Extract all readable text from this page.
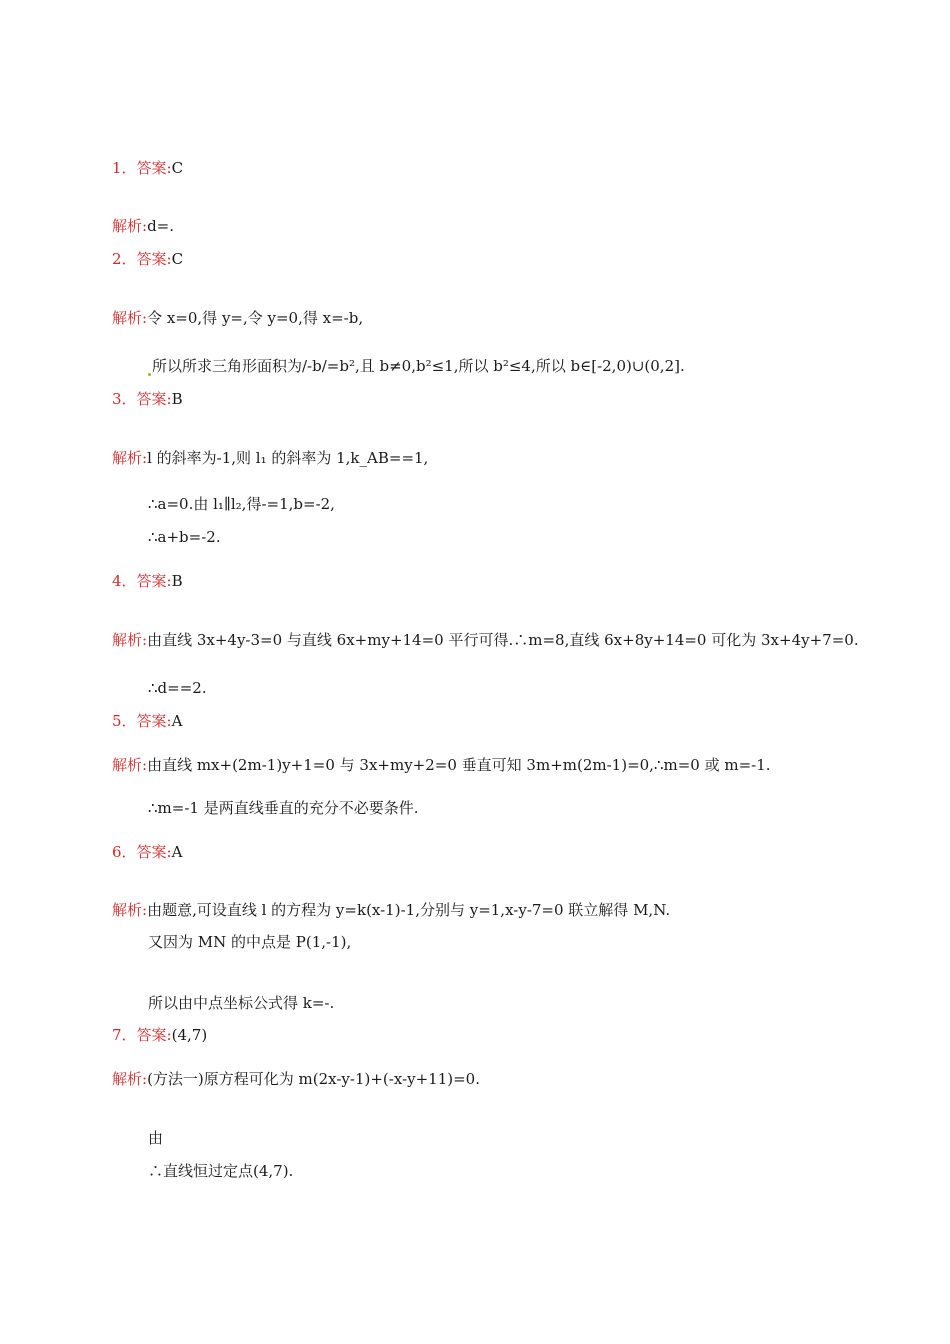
1．答案:C
解析:d=.
2．答案:C
解析:令 x=0,得 y=,令 y=0,得 x=-b,
所以所求三角形面积为/-b/=b²,且 b≠0,b²≤1,所以 b²≤4,所以 b∈[-2,0)∪(0,2].
3．答案:B
解析:l 的斜率为-1,则 l₁ 的斜率为 1,k_AB==1,
∴a=0.由 l₁∥l₂,得-=1,b=-2,
∴a+b=-2.
4．答案:B
解析:由直线 3x+4y-3=0 与直线 6x+my+14=0 平行可得.∴m=8,直线 6x+8y+14=0 可化为 3x+4y+7=0.
∴d==2.
5．答案:A
解析:由直线 mx+(2m-1)y+1=0 与 3x+my+2=0 垂直可知 3m+m(2m-1)=0,∴m=0 或 m=-1.
∴m=-1 是两直线垂直的充分不必要条件.
6．答案:A
解析:由题意,可设直线 l 的方程为 y=k(x-1)-1,分别与 y=1,x-y-7=0 联立解得 M,N.
又因为 MN 的中点是 P(1,-1),
所以由中点坐标公式得 k=-.
7．答案:(4,7)
解析:(方法一)原方程可化为 m(2x-y-1)+(-x-y+11)=0.
由
∴直线恒过定点(4,7).
